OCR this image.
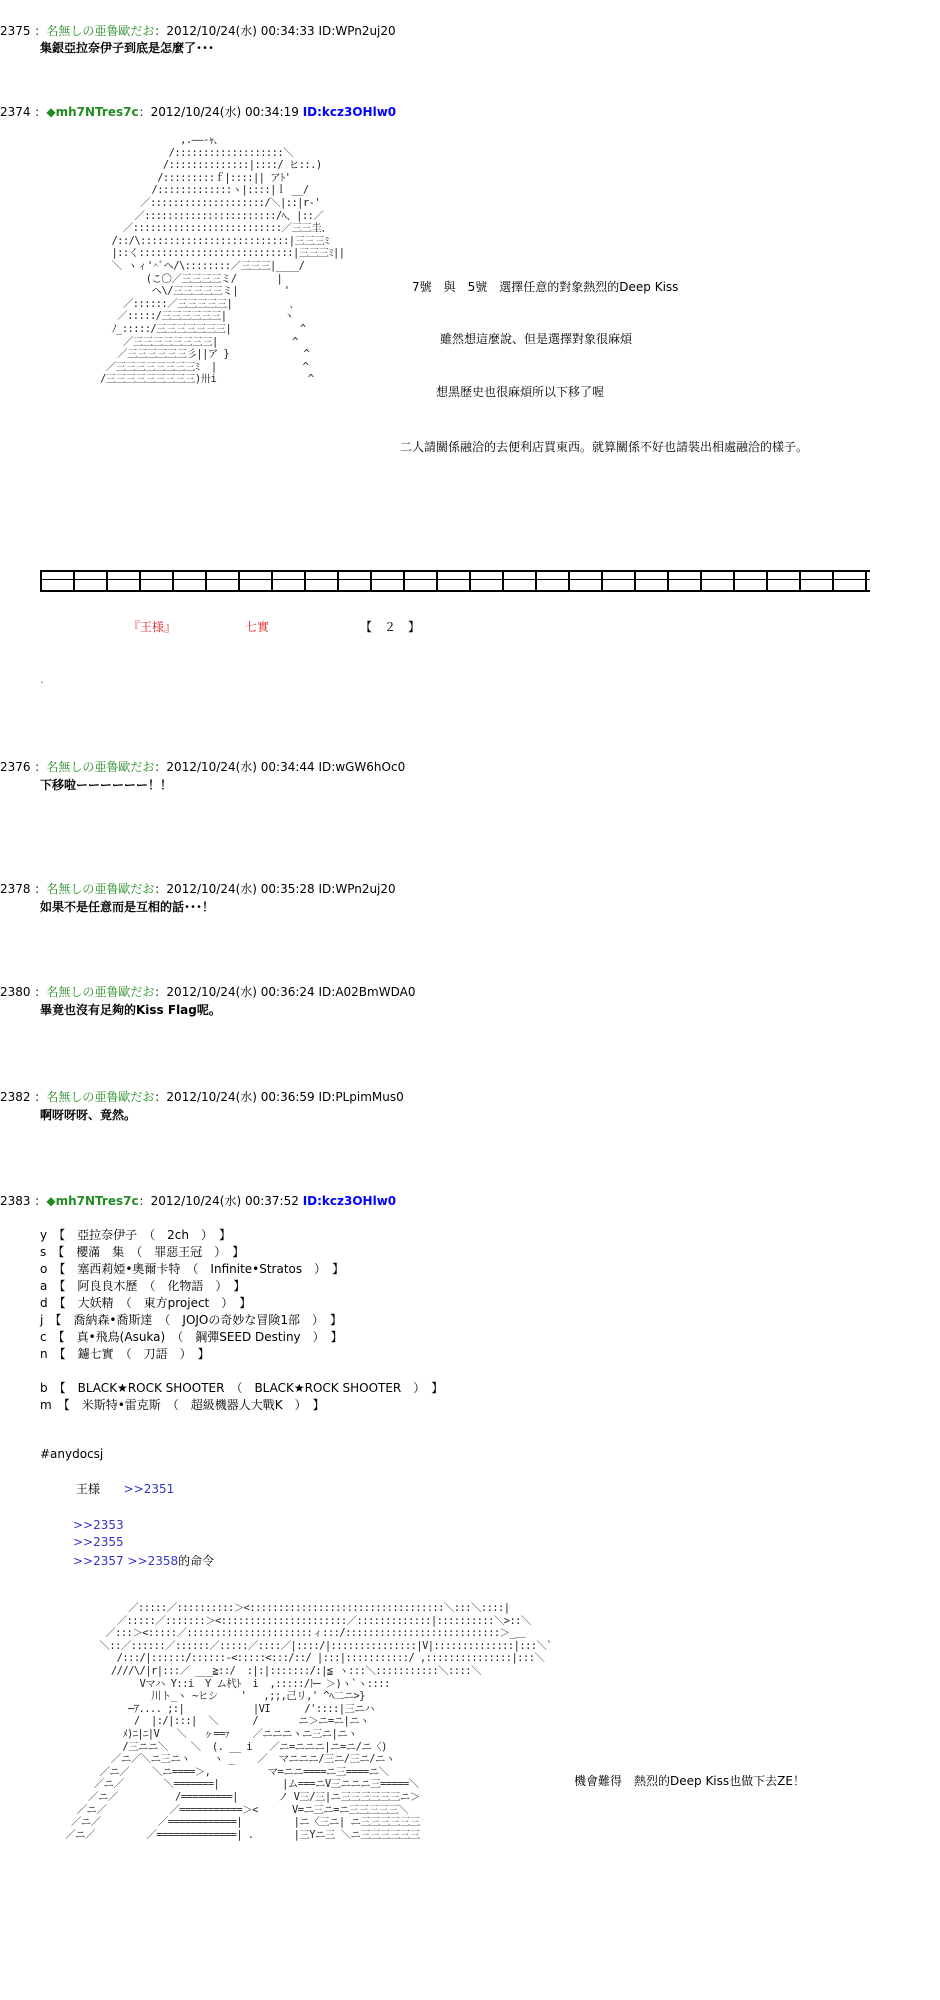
2375 ：名無しの亜鲁歐だお：2012/10/24(水) 00:34:33 ID:WPn2uj20
集銀亞拉奈伊子到底是怎麼了･･･
2374 ：◆mh7NTres7c：2012/10/24(水) 00:34:19 ID:kcz3OHlw0
,.――-ｬ、
/:::::::::::::::::::＼
/::::::::::::::|::::/ ヒ::.)
/:::::::::ｆ|::::|| アﾄ'
/:::::::::::::ヽ|::::|ｌ __/
／::::::::::::::::::::/＼|::|r-'
／:::::::::::::::::::::::/ﾍ、|::／
／::::::::::::::::::::::::::／三三圭、
/::/\::::::::::::::::::::::::::|三三三ﾐ
|::く:::::::::::::::::::::::::::|三三三ﾐ||
＼ ヽィ'^ﾞヘ/\::::::::／三三三|____/
(こ〇／三三三三ミ/       |
ヘ\/三三三三三ミ|        '
／::::::／三三三三三|          ､
／:::::/三三三三三三|          ヽ
ﾉ_:::::/三三三三三三三|            ^
／三三三三三三三三|             ^
／三三三三三三彡||ア }             ^
／三三三三三三三三ﾐ  |               ^
/三三三三三三三三三)卅i                ^
7號　與　5號　選擇任意的對象熱烈的Deep Kiss
雖然想這麼說、但是選擇對象很麻煩
想黑歷史也很麻煩所以下移了喔
二人請關係融洽的去便利店買東西。就算關係不好也請裝出相處融洽的樣子。
『王様』	七實	【　２　】
.
2376 ：名無しの亜鲁歐だお：2012/10/24(水) 00:34:44 ID:wGW6hOc0
下移啦ーーーーーー！！
2378 ：名無しの亜鲁歐だお：2012/10/24(水) 00:35:28 ID:WPn2uj20
如果不是任意而是互相的話･･･！
2380 ：名無しの亜鲁歐だお：2012/10/24(水) 00:36:24 ID:A02BmWDA0
畢竟也沒有足夠的Kiss Flag呢。
2382 ：名無しの亜鲁歐だお：2012/10/24(水) 00:36:59 ID:PLpimMus0
啊呀呀呀、竟然。
2383 ：◆mh7NTres7c：2012/10/24(水) 00:37:52 ID:kcz3OHlw0
y　【　亞拉奈伊子　（　2ch　）　】
s　【　櫻滿　集　（　罪惡王冠　）　】
o　【　塞西莉婭•奧爾卡特　（　Infinite•Stratos　）　】
a　【　阿良良木歷　（　化物語　）　】
d　【　大妖精　（　東方project　）　】
j　【　喬納森•喬斯達　（　JOJOの奇妙な冒険1部　）　】
c　【　真•飛鳥(Asuka)　（　鋼彈SEED Destiny　）　】
n　【　鑢七實　（　刀語　）　】

b　【　BLACK★ROCK SHOOTER　（　BLACK★ROCK SHOOTER　）　】
m　【　米斯特•雷克斯　（　超級機器人大戰K　）　】
#anydocsj
王様 >>2351
>>2353
>>2355
>>2357 >>2358的命令
／:::::／::::::::::＞<::::::::::::::::::::::::::::::::::＼:::＼::::|
／:::::／:::::::＞<::::::::::::::::::::::／:::::::::::::|::::::::::＼>::＼
／:::＞<:::::／::::::::::::::::::::::ィ:::/:::::::::::::::::::::::::::＞_＿
＼::／::::::／::::::／:::::／::::／|::::/|:::::::::::::::|V|::::::::::::::|:::＼`
/:::/|::::::/::::::-<:::::<:::/::/ |:::|:::::::::::/ ,:::::::::::::::|:::＼
////\/|r|:::／ ___≧::/  :|:|:::::::/:|≦ ヽ:::＼:::::::::::＼::::＼
Vマハ Y::i  Y ム杙ﾄ  i  ,:::::/ﾄ─ ＞)ヽ`ヽ::::
川ト_ヽ ~ヒシ    '   ,;;,己リ,' ^ﾍ二ニ>}
─ｱ.... ;:|            |VI      /'::::|三ニハ
/  |:/|:::|  ＼      /       ニ＞ニ=ニ|ニヽ
ﾒ)ﾆ|ﾆ|V   ＼   ヶ==ｧ    ／ニニニヽニ三ニ|ニヽ
/三ニニ＼    ＼  (. __ i   ／ニ=ニニニ|ニ=ニ/ニ〈)
／ニ／＼ニ三ニヽ    ヽ _    ／  マニニニ/三ニ/三ニ/ニヽ
／ニ／    ＼ニ====＞,          マ=ニニ====ニ三====ニ＼
／ニ／       ＼=======|           |ム===ニV三ニニニ三=====＼
／ニ／          /=========|       ノ V三/三|ニ三三三三三三ニ＞
／ニ／           ／===========＞<      V=ニ三ニ=ニ三三三三三＼
／ニ／          ／============|         |ニ〈三ニ| ニ三三三三三三
／ニ／         ／==============| .       |三Yニ三 ＼ニ三三三三三三
機會難得　熱烈的Deep Kiss也做下去ZE！
